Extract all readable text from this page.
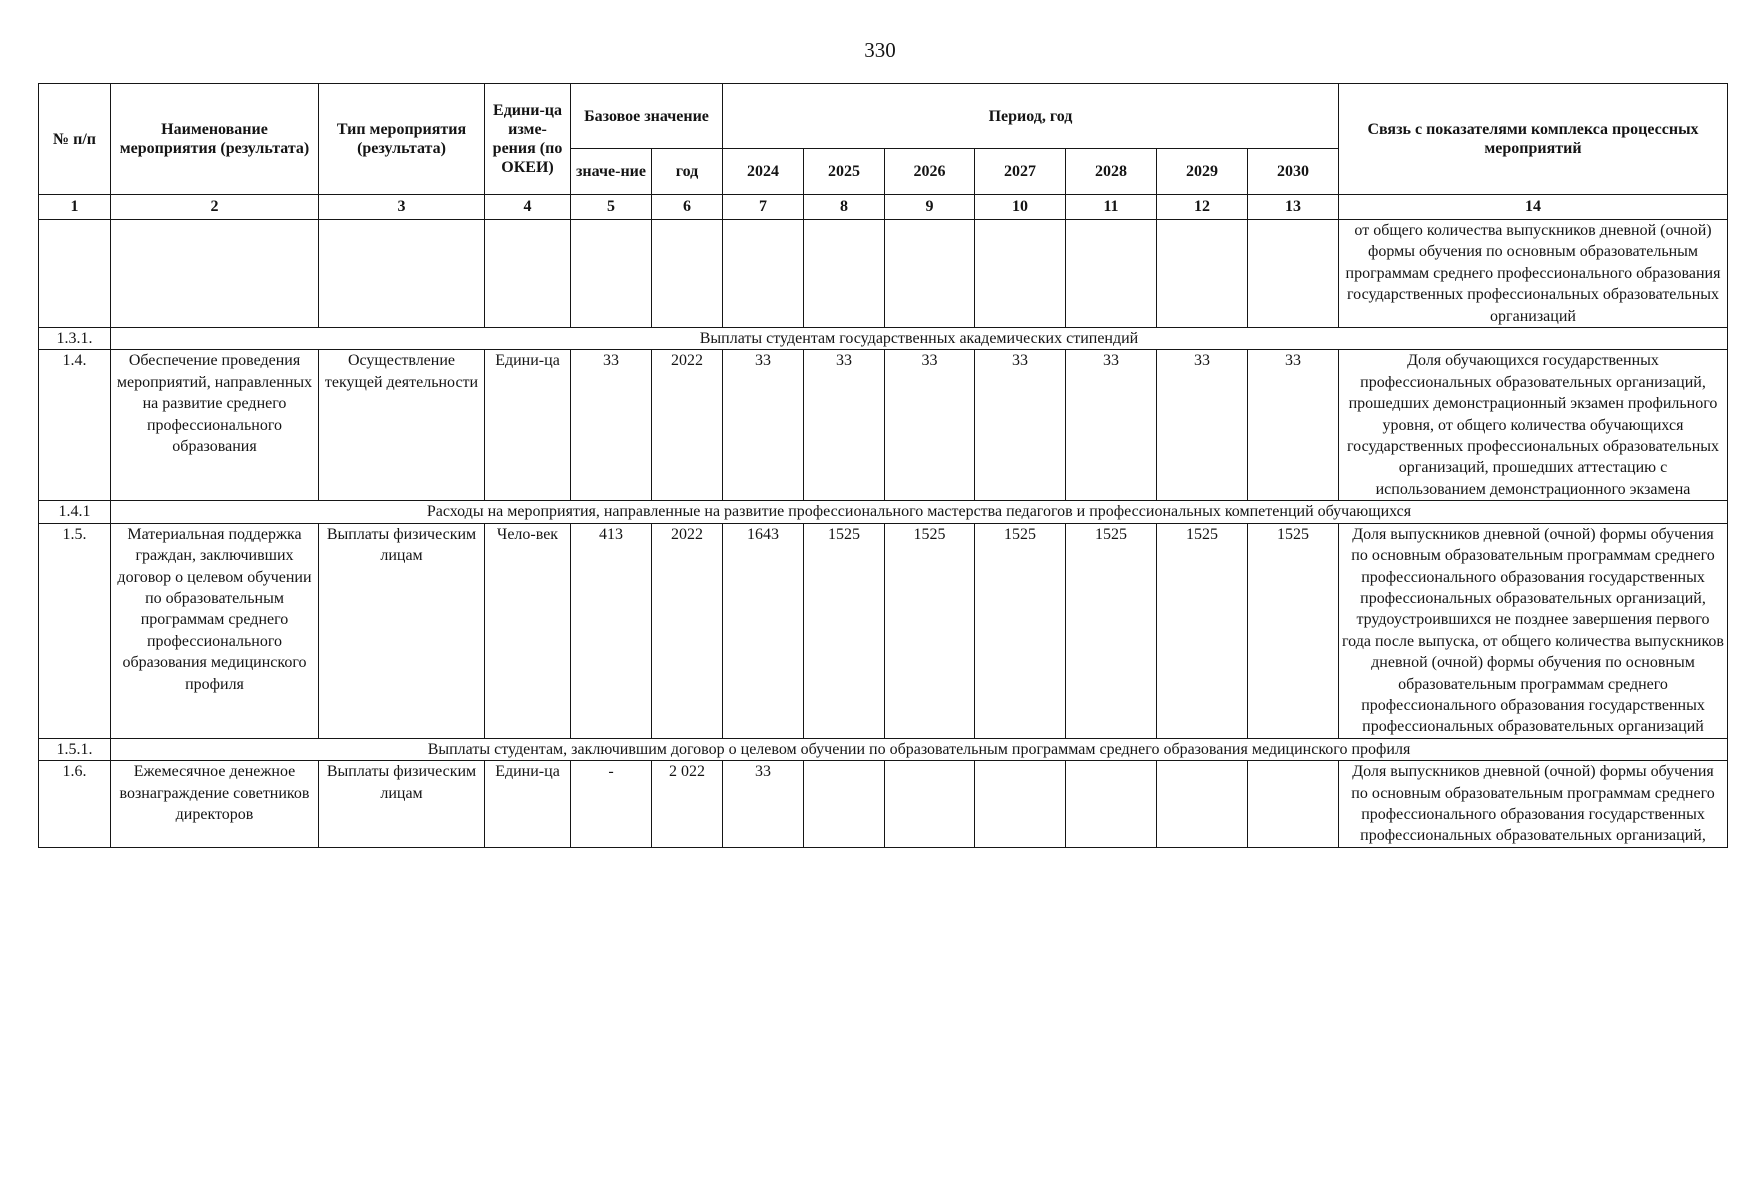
330
№ п/п	Наименование мероприятия (результата)	Тип мероприятия (результата)	Едини-ца изме-рения (по ОКЕИ)	Базовое значение		Период, год							Связь с показателями комплекса процессных мероприятий
				значе-ние	год	2024	2025	2026	2027	2028	2029	2030	
1	2	3	4	5	6	7	8	9	10	11	12	13	14
													от общего количества выпускников дневной (очной) формы обучения по основным образовательным программам среднего профессионального образования государственных профессиональных образовательных организаций
1.3.1.	Выплаты студентам государственных академических стипендий												
1.4.	Обеспечение проведения мероприятий, направленных на развитие среднего профессионального образования	Осуществление текущей деятельности	Едини-ца	33	2022	33	33	33	33	33	33	33	Доля обучающихся государственных профессиональных образовательных организаций, прошедших демонстрационный экзамен профильного уровня, от общего количества обучающихся государственных профессиональных образовательных организаций, прошедших аттестацию с использованием демонстрационного экзамена
1.4.1	Расходы на мероприятия, направленные на развитие профессионального мастерства педагогов и профессиональных компетенций обучающихся												
1.5.	Материальная поддержка граждан, заключивших договор о целевом обучении по образовательным программам среднего профессионального образования медицинского профиля	Выплаты физическим лицам	Чело-век	413	2022	1643	1525	1525	1525	1525	1525	1525	Доля выпускников дневной (очной) формы обучения по основным образовательным программам среднего профессионального образования государственных профессиональных образовательных организаций, трудоустроившихся не позднее завершения первого года после выпуска, от общего количества выпускников дневной (очной) формы обучения по основным образовательным программам среднего профессионального образования государственных профессиональных образовательных организаций
1.5.1.	Выплаты студентам, заключившим договор о целевом обучении по образовательным программам среднего образования медицинского профиля												
1.6.	Ежемесячное денежное вознаграждение советников директоров	Выплаты физическим лицам	Едини-ца	-	2 022	33							Доля выпускников дневной (очной) формы обучения по основным образовательным программам среднего профессионального образования государственных профессиональных образовательных организаций,
